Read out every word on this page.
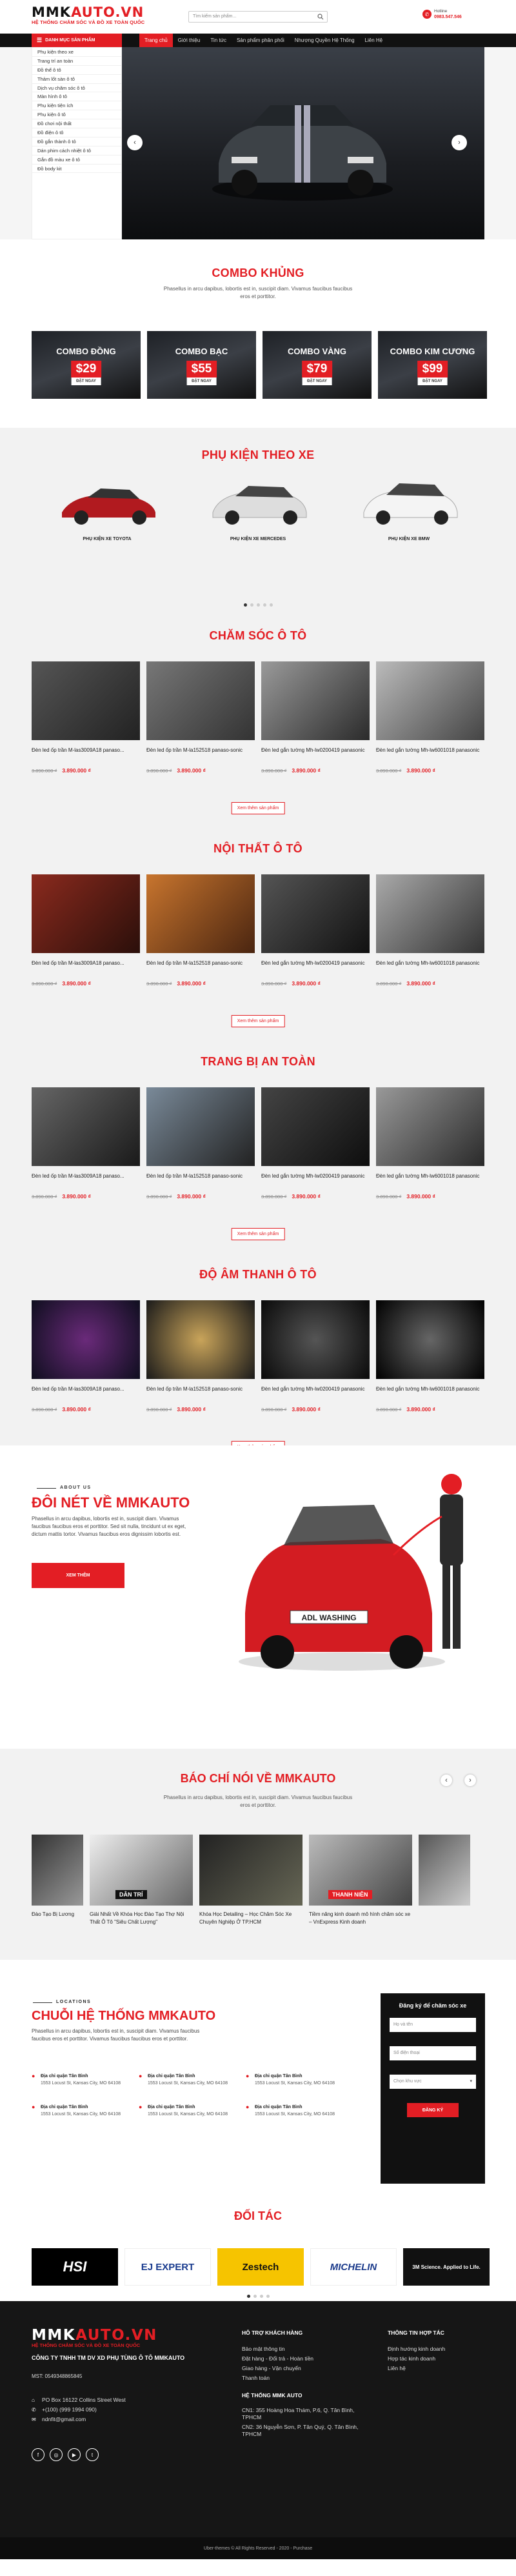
MMKAUTO.VN
HỆ THỐNG CHĂM SÓC VÀ ĐỒ XE TOÀN QUỐC
Tìm kiếm sản phẩm...	✆	Hotline
0983.547.546
☰ DANH MỤC SẢN PHẨM	Trang chủ	Giới thiệu	Tin tức	Sản phẩm phân phối	Nhượng Quyền Hệ Thống	Liên Hệ
Phụ kiện theo xe
Trang trí an toàn
Đồ thể ô tô
Thảm lốt sàn ô tô
Dịch vụ chăm sóc ô tô
Màn hình ô tô
Phụ kiện tiện ích
Phụ kiện ô tô
Đồ chơi nội thất
Đồ điện ô tô
Đồ gắn thành ô tô
Dán phim cách nhiệt ô tô
Gắn đồ màu xe ô tô
Đồ body kit
‹	›
COMBO KHỦNG
Phasellus in arcu dapibus, lobortis est in, suscipit diam. Vivamus faucibus faucibus eros et porttitor.
COMBO ĐỒNG
$29
ĐẶT NGAY
COMBO BẠC
$55
ĐẶT NGAY
COMBO VÀNG
$79
ĐẶT NGAY
COMBO KIM CƯƠNG
$99
ĐẶT NGAY
PHỤ KIỆN THEO XE
PHỤ KIỆN XE TOYOTA	PHỤ KIỆN XE MERCEDES	PHỤ KIỆN XE BMW
CHĂM SÓC Ô TÔ
Đèn led ốp trần M-las3009A18 panaso...
3.890.000 ₫ 3.890.000 ₫
Đèn led ốp trần M-la152518 panaso-sonic
3.890.000 ₫ 3.890.000 ₫
Đèn led gắn tường Mh-lw0200419 panasonic
3.890.000 ₫ 3.890.000 ₫
Đèn led gắn tường Mh-lw6001018 panasonic
3.890.000 ₫ 3.890.000 ₫
Xem thêm sản phẩm
NỘI THẤT Ô TÔ
Đèn led ốp trần M-las3009A18 panaso...
3.890.000 ₫ 3.890.000 ₫
Đèn led ốp trần M-la152518 panaso-sonic
3.890.000 ₫ 3.890.000 ₫
Đèn led gắn tường Mh-lw0200419 panasonic
3.890.000 ₫ 3.890.000 ₫
Đèn led gắn tường Mh-lw6001018 panasonic
3.890.000 ₫ 3.890.000 ₫
Xem thêm sản phẩm
TRANG BỊ AN TOÀN
Đèn led ốp trần M-las3009A18 panaso...
3.890.000 ₫ 3.890.000 ₫
Đèn led ốp trần M-la152518 panaso-sonic
3.890.000 ₫ 3.890.000 ₫
Đèn led gắn tường Mh-lw0200419 panasonic
3.890.000 ₫ 3.890.000 ₫
Đèn led gắn tường Mh-lw6001018 panasonic
3.890.000 ₫ 3.890.000 ₫
Xem thêm sản phẩm
ĐỘ ÂM THANH Ô TÔ
Đèn led ốp trần M-las3009A18 panaso...
3.890.000 ₫ 3.890.000 ₫
Đèn led ốp trần M-la152518 panaso-sonic
3.890.000 ₫ 3.890.000 ₫
Đèn led gắn tường Mh-lw0200419 panasonic
3.890.000 ₫ 3.890.000 ₫
Đèn led gắn tường Mh-lw6001018 panasonic
3.890.000 ₫ 3.890.000 ₫
ABOUT US
ĐÔI NÉT VỀ MMKAUTO

Phasellus in arcu dapibus, lobortis est in, suscipit diam. Vivamus faucibus faucibus eros et porttitor. Sed sit nulla, tincidunt ut ex eget, dictum mattis tortor. Vivamus faucibus eros dignissim lobortis est.

XEM THÊM
ADL WASHING
BÁO CHÍ NÓI VỀ MMKAUTO

Phasellus in arcu dapibus, lobortis est in, suscipit diam. Vivamus faucibus faucibus eros et porttitor.

‹	›
Đào Tạo Bị Lương
DÂN TRÍ
Giải Nhất Về Khóa Học Đào Tạo Thợ Nội Thất Ô Tô "Siêu Chất Lượng"
Khóa Học Detailing – Học Chăm Sóc Xe Chuyên Nghiệp Ở TP.HCM
THANH NIÊN
Tiềm năng kinh doanh mô hình chăm sóc xe – VnExpress Kinh doanh
LOCATIONS
CHUỖI HỆ THỐNG MMKAUTO
Phasellus in arcu dapibus, lobortis est in, suscipit diam. Vivamus faucibus faucibus eros et porttitor. Vivamus faucibus faucibus eros et porttitor.
● Địa chỉ quận Tân Bình
1553 Locust St, Kansas City, MO 64108
● Địa chỉ quận Tân Bình
1553 Locust St, Kansas City, MO 64108
● Địa chỉ quận Tân Bình
1553 Locust St, Kansas City, MO 64108
● Địa chỉ quận Tân Bình
1553 Locust St, Kansas City, MO 64108
● Địa chỉ quận Tân Bình
1553 Locust St, Kansas City, MO 64108
● Địa chỉ quận Tân Bình
1553 Locust St, Kansas City, MO 64108
Đăng ký để chăm sóc xe
Họ và tên
Số điện thoại
Chọn khu vực	▾
ĐĂNG KÝ
ĐỐI TÁC
HSI	EJ EXPERT	Zestech	MICHELIN	3M Science. Applied to Life.
MMKAUTO.VN
HỆ THỐNG CHĂM SÓC VÀ ĐỒ XE TOÀN QUỐC
CÔNG TY TNHH TM DV XD PHỤ TÙNG Ô TÔ MMKAUTO
MST: 0549348865845
⌂ PO Box 16122 Collins Street West
✆ +(100) (999 1994 090)
✉ ndnfit@gmail.com
f	◎	▶	t
HỖ TRỢ KHÁCH HÀNG
Bảo mật thông tin
Đặt hàng - Đổi trả - Hoàn tiền
Giao hàng - Vận chuyển
Thanh toán
HỆ THỐNG MMK AUTO
CN1: 355 Hoàng Hoa Thám, P.6, Q. Tân Bình, TPHCM
CN2: 36 Nguyễn Sơn, P. Tân Quý, Q. Tân Bình, TPHCM
THÔNG TIN HỢP TÁC
Định hướng kinh doanh
Hợp tác kinh doanh
Liên hệ
Uber-themes © All Rights Reserved - 2020 - Purchase
